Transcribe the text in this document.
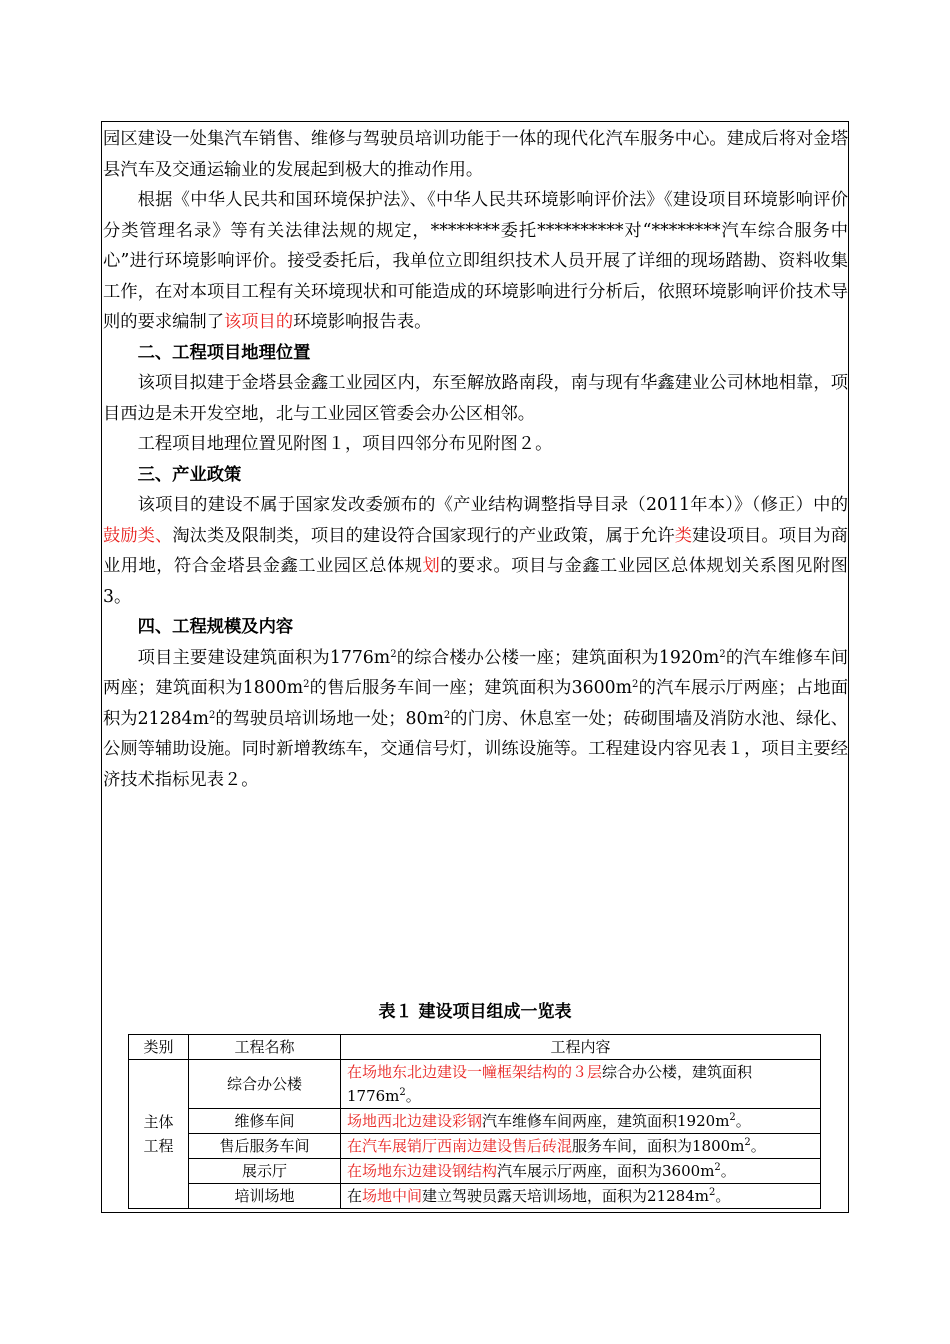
园区建设一处集汽车销售、维修与驾驶员培训功能于一体的现代化汽车服务中心。建成后将对金塔县汽车及交通运输业的发展起到极大的推动作用。

根据《中华人民共和国环境保护法》、《中华人民共环境影响评价法》《建设项目环境影响评价分类管理名录》等有关法律法规的规定，********委托**********对“********汽车综合服务中心”进行环境影响评价。接受委托后，我单位立即组织技术人员开展了详细的现场踏勘、资料收集工作，在对本项目工程有关环境现状和可能造成的环境影响进行分析后，依照环境影响评价技术导则的要求编制了该项目的环境影响报告表。

二、工程项目地理位置

该项目拟建于金塔县金鑫工业园区内，东至解放路南段，南与现有华鑫建业公司林地相靠，项目西边是未开发空地，北与工业园区管委会办公区相邻。

工程项目地理位置见附图１，项目四邻分布见附图２。

三、产业政策

该项目的建设不属于国家发改委颁布的《产业结构调整指导目录（2011年本）》（修正）中的鼓励类、淘汰类及限制类，项目的建设符合国家现行的产业政策，属于允许类建设项目。项目为商业用地，符合金塔县金鑫工业园区总体规划的要求。项目与金鑫工业园区总体规划关系图见附图3。

四、工程规模及内容

项目主要建设建筑面积为$1776m^2$的综合楼办公楼一座；建筑面积为$1920m^2$的汽车维修车间两座；建筑面积为$1800m^2$的售后服务车间一座；建筑面积为$3600m^2$的汽车展示厅两座；占地面积为$21284m^2$的驾驶员培训场地一处；$80m^2$的门房、休息室一处；砖砌围墙及消防水池、绿化、公厕等辅助设施。同时新增教练车，交通信号灯，训练设施等。工程建设内容见表１，项目主要经济技术指标见表２。

表１ 建设项目组成一览表
类别	工程名称	工程内容
主体工程	综合办公楼	在场地东北边建设一幢框架结构的３层综合办公楼，建筑面积$1776m^2$。
	维修车间	场地西北边建设彩钢汽车维修车间两座，建筑面积$1920m^2$。
	售后服务车间	在汽车展销厅西南边建设售后砖混服务车间，面积为$1800m^2$。
	展示厅	在场地东边建设钢结构汽车展示厅两座，面积为$3600m^2$。
	培训场地	在场地中间建立驾驶员露天培训场地，面积为$21284m^2$。
